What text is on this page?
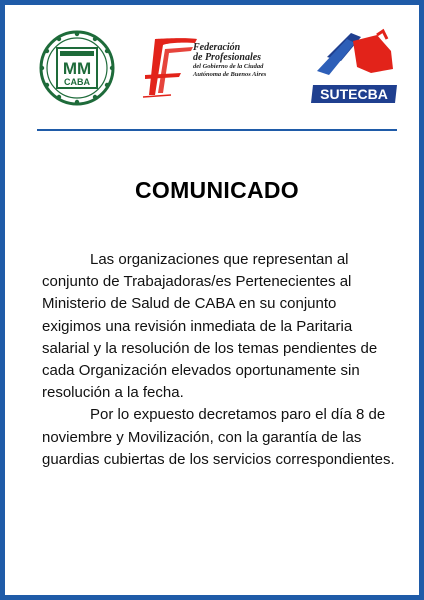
MM
CABA
Federación
de Profesionales
del Gobierno de la Ciudad
Autónoma de Buenos Aires
SUTECBA
COMUNICADO

Las organizaciones que representan al conjunto de Trabajadoras/es Pertenecientes al Ministerio de Salud de CABA en su conjunto exigimos una revisión inmediata de la Paritaria salarial y la resolución de los temas pendientes de cada Organización elevados oportunamente sin resolución a la fecha.

Por lo expuesto decretamos paro el día 8 de noviembre y Movilización, con la garantía de las guardias cubiertas de los servicios correspondientes.
